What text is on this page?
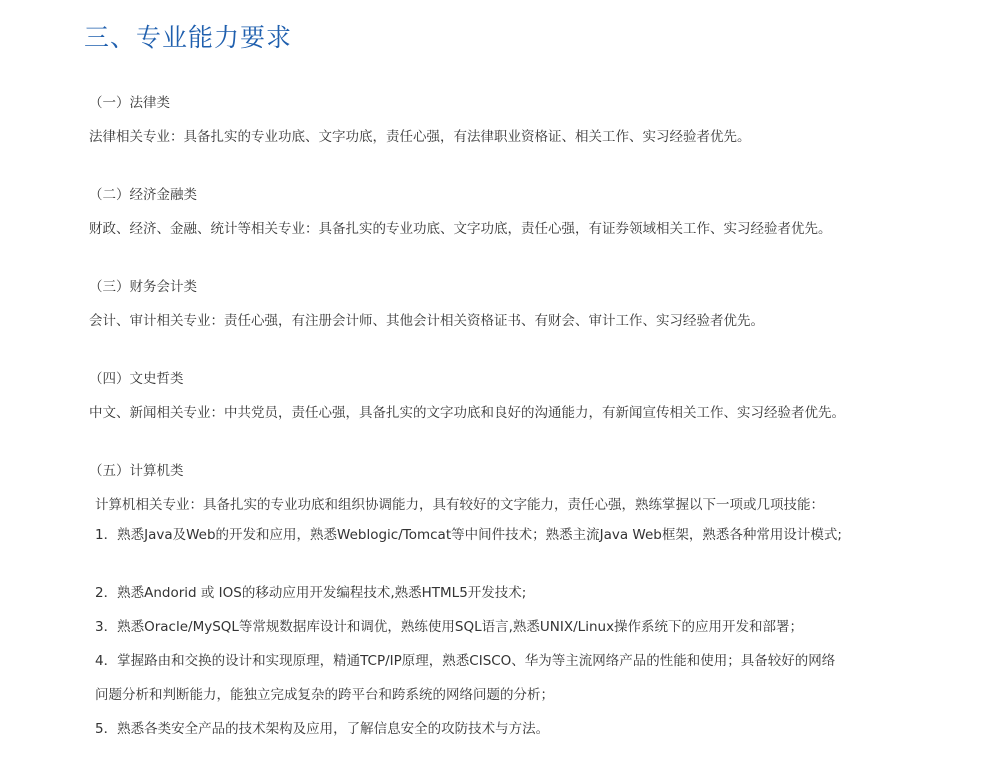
三、专业能力要求
（一）法律类
法律相关专业：具备扎实的专业功底、文字功底，责任心强，有法律职业资格证、相关工作、实习经验者优先。
（二）经济金融类
财政、经济、金融、统计等相关专业：具备扎实的专业功底、文字功底，责任心强，有证券领域相关工作、实习经验者优先。
（三）财务会计类
会计、审计相关专业：责任心强，有注册会计师、其他会计相关资格证书、有财会、审计工作、实习经验者优先。
（四）文史哲类
中文、新闻相关专业：中共党员，责任心强，具备扎实的文字功底和良好的沟通能力，有新闻宣传相关工作、实习经验者优先。
（五）计算机类
计算机相关专业：具备扎实的专业功底和组织协调能力，具有较好的文字能力，责任心强，熟练掌握以下一项或几项技能：
1．熟悉Java及Web的开发和应用，熟悉Weblogic/Tomcat等中间件技术；熟悉主流Java Web框架，熟悉各种常用设计模式;
2．熟悉Andorid 或 IOS的移动应用开发编程技术,熟悉HTML5开发技术;
3．熟悉Oracle/MySQL等常规数据库设计和调优，熟练使用SQL语言,熟悉UNIX/Linux操作系统下的应用开发和部署；
4．掌握路由和交换的设计和实现原理，精通TCP/IP原理，熟悉CISCO、华为等主流网络产品的性能和使用；具备较好的网络
问题分析和判断能力，能独立完成复杂的跨平台和跨系统的网络问题的分析；
5．熟悉各类安全产品的技术架构及应用，了解信息安全的攻防技术与方法。
